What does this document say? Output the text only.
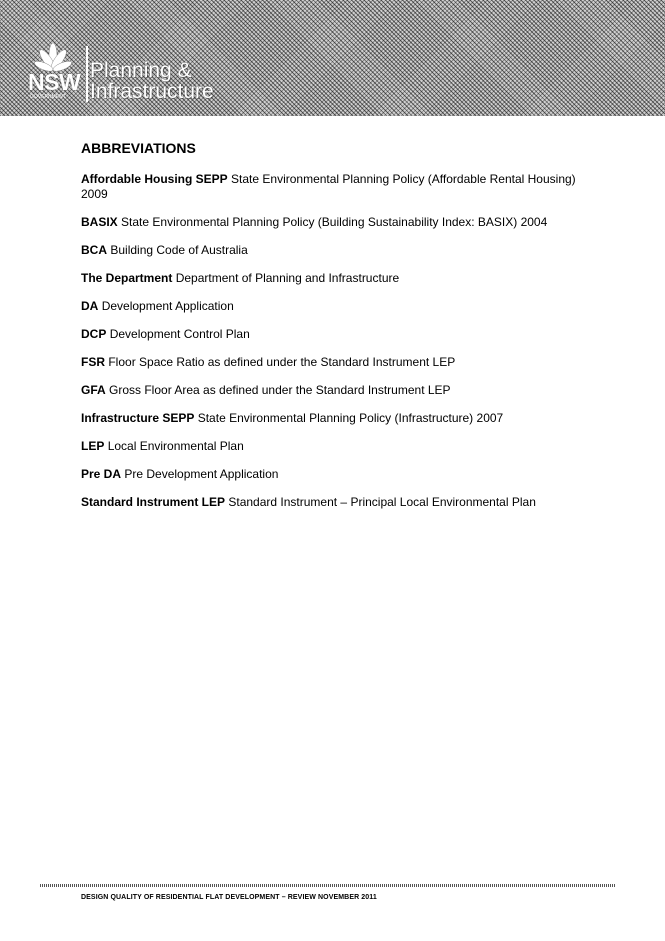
NSW
GOVERNMENT
Planning &
Infrastructure
ABBREVIATIONS
Affordable Housing SEPP State Environmental Planning Policy (Affordable Rental Housing) 2009
BASIX State Environmental Planning Policy (Building Sustainability Index: BASIX) 2004
BCA Building Code of Australia
The Department Department of Planning and Infrastructure
DA Development Application
DCP Development Control Plan
FSR Floor Space Ratio as defined under the Standard Instrument LEP
GFA Gross Floor Area as defined under the Standard Instrument LEP
Infrastructure SEPP State Environmental Planning Policy (Infrastructure) 2007
LEP Local Environmental Plan
Pre DA Pre Development Application
Standard Instrument LEP Standard Instrument – Principal Local Environmental Plan
DESIGN QUALITY OF RESIDENTIAL FLAT DEVELOPMENT – REVIEW NOVEMBER 2011
